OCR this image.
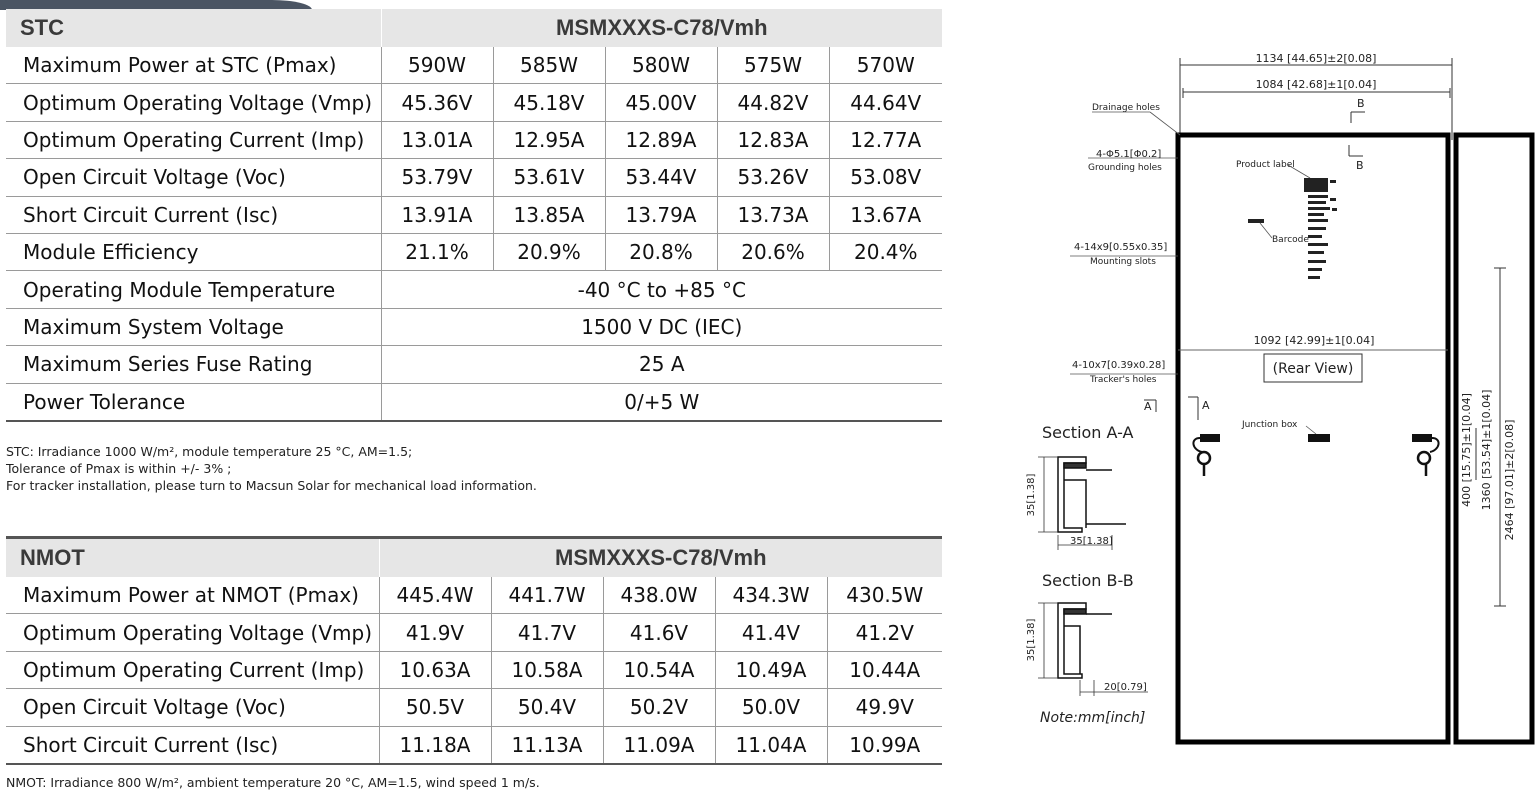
STC	MSMXXXS-C78/Vmh				
Maximum Power at STC (Pmax)	590W	585W	580W	575W	570W
Optimum Operating Voltage (Vmp)	45.36V	45.18V	45.00V	44.82V	44.64V
Optimum Operating Current (Imp)	13.01A	12.95A	12.89A	12.83A	12.77A
Open Circuit Voltage (Voc)	53.79V	53.61V	53.44V	53.26V	53.08V
Short Circuit Current (Isc)	13.91A	13.85A	13.79A	13.73A	13.67A
Module Efficiency	21.1%	20.9%	20.8%	20.6%	20.4%
Operating Module Temperature	-40 °C to +85 °C				
Maximum System Voltage	1500 V DC (IEC)				
Maximum Series Fuse Rating	25 A				
Power Tolerance	0/+5 W				
STC: Irradiance 1000 W/m², module temperature 25 °C, AM=1.5;
Tolerance of Pmax is within +/- 3% ;
For tracker installation, please turn to Macsun Solar for mechanical load information.
NMOT	MSMXXXS-C78/Vmh				
Maximum Power at NMOT (Pmax)	445.4W	441.7W	438.0W	434.3W	430.5W
Optimum Operating Voltage (Vmp)	41.9V	41.7V	41.6V	41.4V	41.2V
Optimum Operating Current (Imp)	10.63A	10.58A	10.54A	10.49A	10.44A
Open Circuit Voltage (Voc)	50.5V	50.4V	50.2V	50.0V	49.9V
Short Circuit Current (Isc)	11.18A	11.13A	11.09A	11.04A	10.99A
NMOT: Irradiance 800 W/m², ambient temperature 20 °C, AM=1.5, wind speed 1 m/s.
1134 [44.65]±2[0.08]
1084 [42.68]±1[0.04]
B
B
Drainage holes
4-Φ5.1[Φ0.2]
Grounding holes
4-14x9[0.55x0.35]
Mounting slots
4-10x7[0.39x0.28]
Tracker's holes
Product label
Barcode
1092 [42.99]±1[0.04]
(Rear View)
A	A
Junction box	2464 [97.01]±2[0.08]
1360 [53.54]±1[0.04]
400 [15.75]±1[0.04]
Section A-A
35[1.38]
35[1.38]
Section B-B
35[1.38]
20[0.79]
Note:mm[inch]
